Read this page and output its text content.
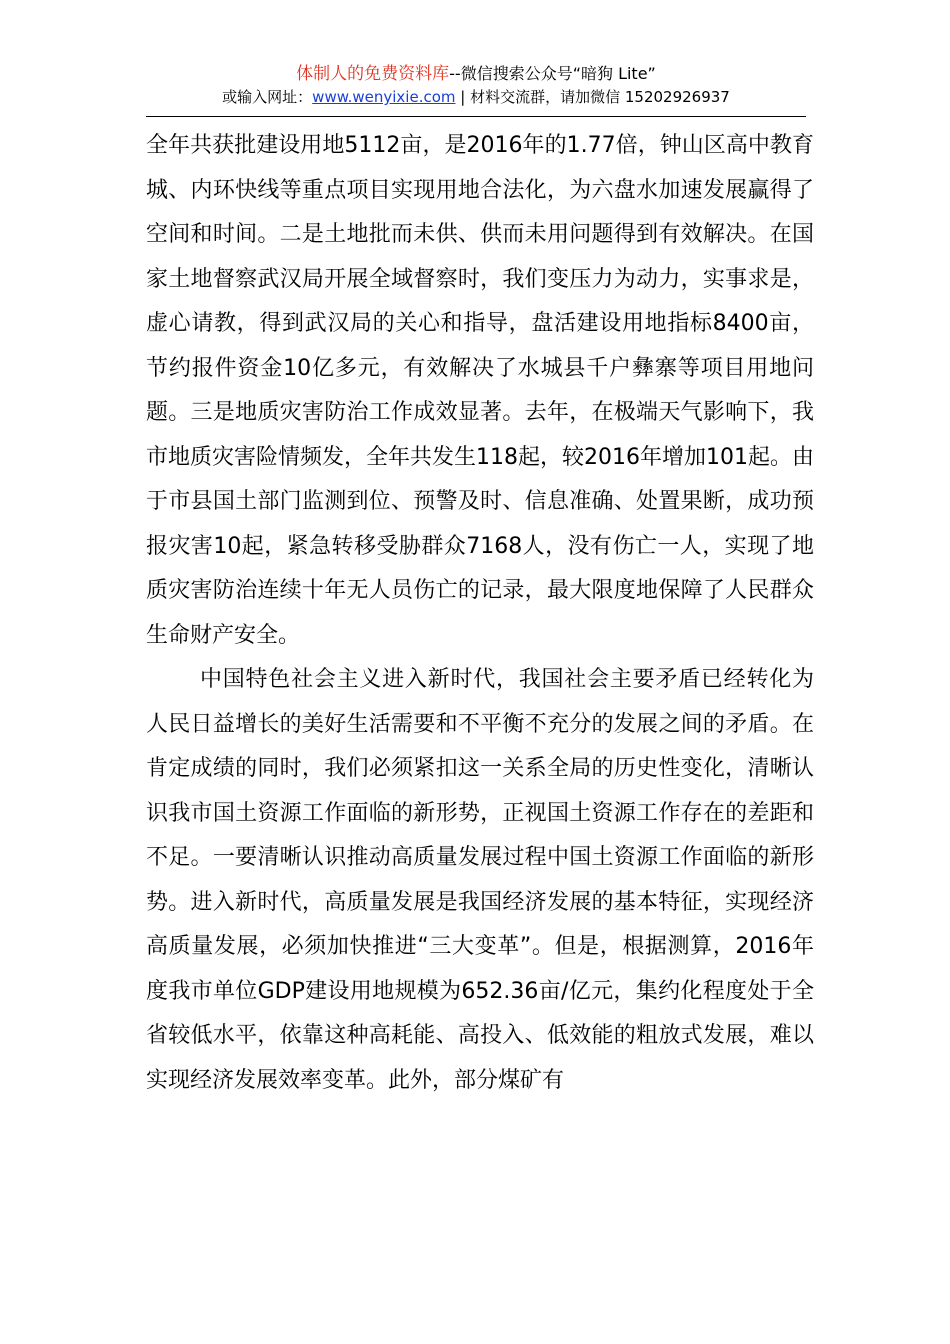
体制人的免费资料库--微信搜索公众号“暗狗 Lite”
或输入网址：www.wenyixie.com | 材料交流群，请加微信 15202926937

全年共获批建设用地5112亩，是2016年的1.77倍，钟山区高中教育城、内环快线等重点项目实现用地合法化，为六盘水加速发展赢得了空间和时间。二是土地批而未供、供而未用问题得到有效解决。在国家土地督察武汉局开展全域督察时，我们变压力为动力，实事求是，虚心请教，得到武汉局的关心和指导，盘活建设用地指标8400亩，节约报件资金10亿多元，有效解决了水城县千户彝寨等项目用地问题。三是地质灾害防治工作成效显著。去年，在极端天气影响下，我市地质灾害险情频发，全年共发生118起，较2016年增加101起。由于市县国土部门监测到位、预警及时、信息准确、处置果断，成功预报灾害10起，紧急转移受胁群众7168人，没有伤亡一人，实现了地质灾害防治连续十年无人员伤亡的记录，最大限度地保障了人民群众生命财产安全。

中国特色社会主义进入新时代，我国社会主要矛盾已经转化为人民日益增长的美好生活需要和不平衡不充分的发展之间的矛盾。在肯定成绩的同时，我们必须紧扣这一关系全局的历史性变化，清晰认识我市国土资源工作面临的新形势，正视国土资源工作存在的差距和不足。一要清晰认识推动高质量发展过程中国土资源工作面临的新形势。进入新时代，高质量发展是我国经济发展的基本特征，实现经济高质量发展，必须加快推进“三大变革”。但是，根据测算，2016年度我市单位GDP建设用地规模为652.36亩/亿元，集约化程度处于全省较低水平，依靠这种高耗能、高投入、低效能的粗放式发展，难以实现经济发展效率变革。此外，部分煤矿有
